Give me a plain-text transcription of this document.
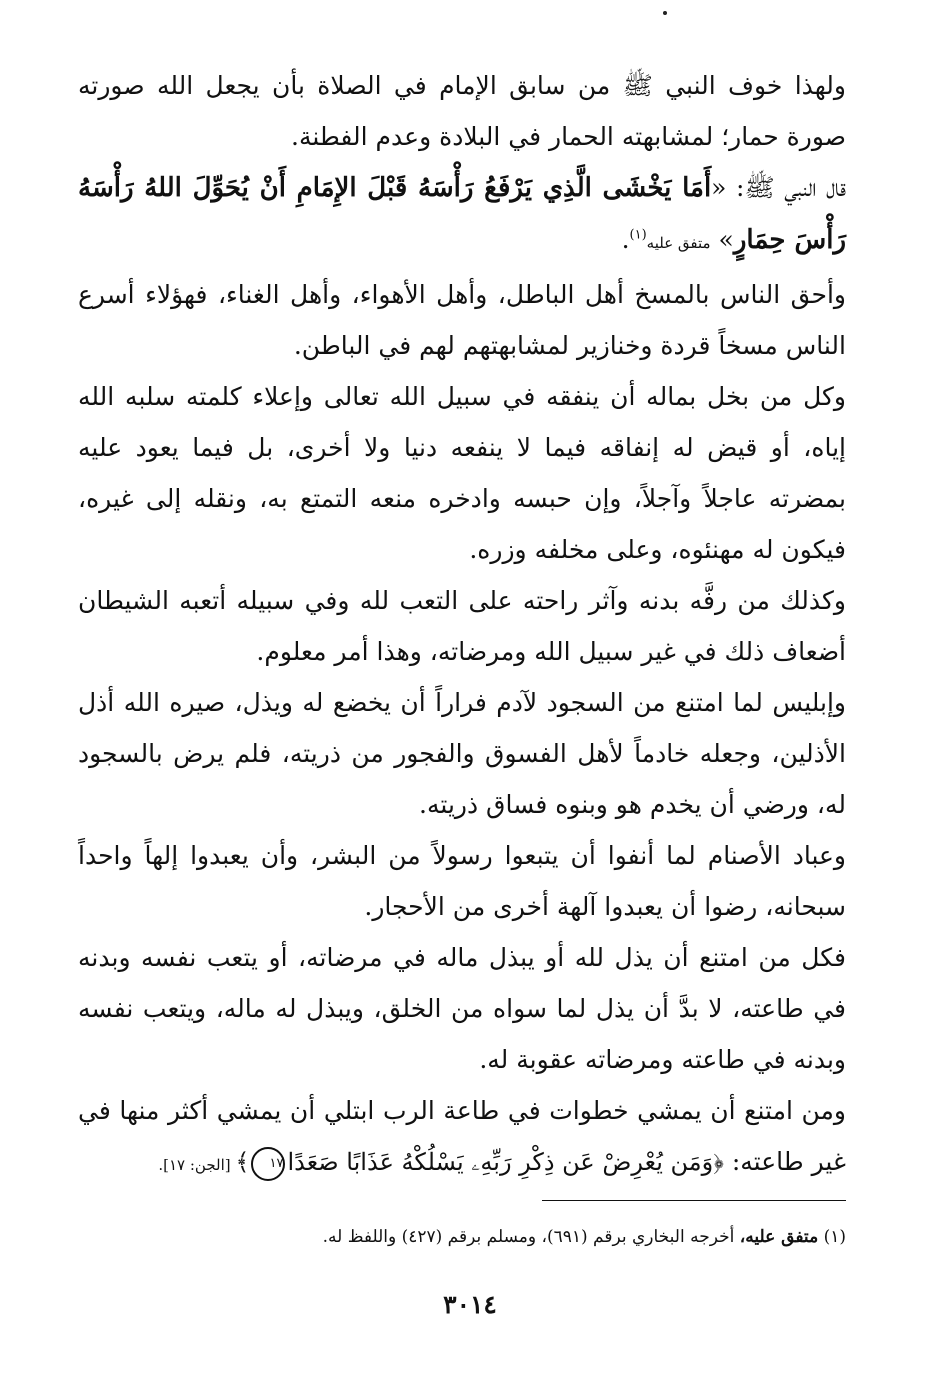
ولهذا خوف النبي ﷺ من سابق الإمام في الصلاة بأن يجعل الله صورته صورة حمار؛ لمشابهته الحمار في البلادة وعدم الفطنة.

قال النبي ﷺ: «أَمَا يَخْشَى الَّذِي يَرْفَعُ رَأْسَهُ قَبْلَ الإِمَامِ أَنْ يُحَوِّلَ اللهُ رَأْسَهُ رَأْسَ حِمَارٍ» متفق عليه$^{(١)}$.

وأحق الناس بالمسخ أهل الباطل، وأهل الأهواء، وأهل الغناء، فهؤلاء أسرع الناس مسخاً قردة وخنازير لمشابهتهم لهم في الباطن.

وكل من بخل بماله أن ينفقه في سبيل الله تعالى وإعلاء كلمته سلبه الله إياه، أو قيض له إنفاقه فيما لا ينفعه دنيا ولا أخرى، بل فيما يعود عليه بمضرته عاجلاً وآجلاً، وإن حبسه وادخره منعه التمتع به، ونقله إلى غيره، فيكون له مهنئوه، وعلى مخلفه وزره.

وكذلك من رفَّه بدنه وآثر راحته على التعب لله وفي سبيله أتعبه الشيطان أضعاف ذلك في غير سبيل الله ومرضاته، وهذا أمر معلوم.

وإبليس لما امتنع من السجود لآدم فراراً أن يخضع له ويذل، صيره الله أذل الأذلين، وجعله خادماً لأهل الفسوق والفجور من ذريته، فلم يرض بالسجود له، ورضي أن يخدم هو وبنوه فساق ذريته.

وعباد الأصنام لما أنفوا أن يتبعوا رسولاً من البشر، وأن يعبدوا إلهاً واحداً سبحانه، رضوا أن يعبدوا آلهة أخرى من الأحجار.

فكل من امتنع أن يذل لله أو يبذل ماله في مرضاته، أو يتعب نفسه وبدنه في طاعته، لا بدَّ أن يذل لما سواه من الخلق، ويبذل له ماله، ويتعب نفسه وبدنه في طاعته ومرضاته عقوبة له.

ومن امتنع أن يمشي خطوات في طاعة الرب ابتلي أن يمشي أكثر منها في غير طاعته: ﴿وَمَن يُعْرِضْ عَن ذِكْرِ رَبِّهِۦ يَسْلُكْهُ عَذَابًا صَعَدًا١٧﴾ [الجن: ١٧].

(١) متفق عليه، أخرجه البخاري برقم (٦٩١)، ومسلم برقم (٤٢٧) واللفظ له.
٣٠١٤
